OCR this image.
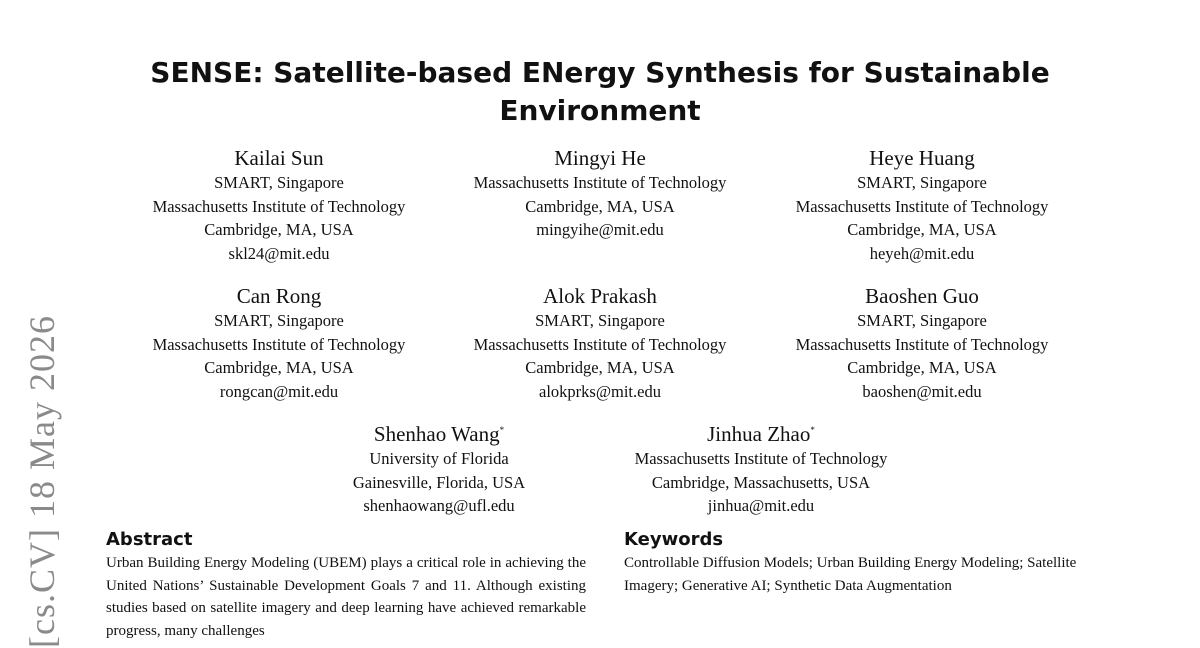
SENSE: Satellite-based ENergy Synthesis for Sustainable Environment
Kailai Sun
SMART, Singapore
Massachusetts Institute of Technology
Cambridge, MA, USA
skl24@mit.edu
Mingyi He
Massachusetts Institute of Technology
Cambridge, MA, USA
mingyihe@mit.edu
Heye Huang
SMART, Singapore
Massachusetts Institute of Technology
Cambridge, MA, USA
heyeh@mit.edu
Can Rong
SMART, Singapore
Massachusetts Institute of Technology
Cambridge, MA, USA
rongcan@mit.edu
Alok Prakash
SMART, Singapore
Massachusetts Institute of Technology
Cambridge, MA, USA
alokprks@mit.edu
Baoshen Guo
SMART, Singapore
Massachusetts Institute of Technology
Cambridge, MA, USA
baoshen@mit.edu
Shenhao Wang*
University of Florida
Gainesville, Florida, USA
shenhaowang@ufl.edu
Jinhua Zhao*
Massachusetts Institute of Technology
Cambridge, Massachusetts, USA
jinhua@mit.edu
[cs.CV] 18 May 2026 Abstract

Urban Building Energy Modeling (UBEM) plays a critical role in achieving the United Nations’ Sustainable Development Goals 7 and 11. Although existing studies based on satellite imagery and deep learning have achieved remarkable progress, many challenges

Keywords

Controllable Diffusion Models; Urban Building Energy Modeling; Satellite Imagery; Generative AI; Synthetic Data Augmentation
